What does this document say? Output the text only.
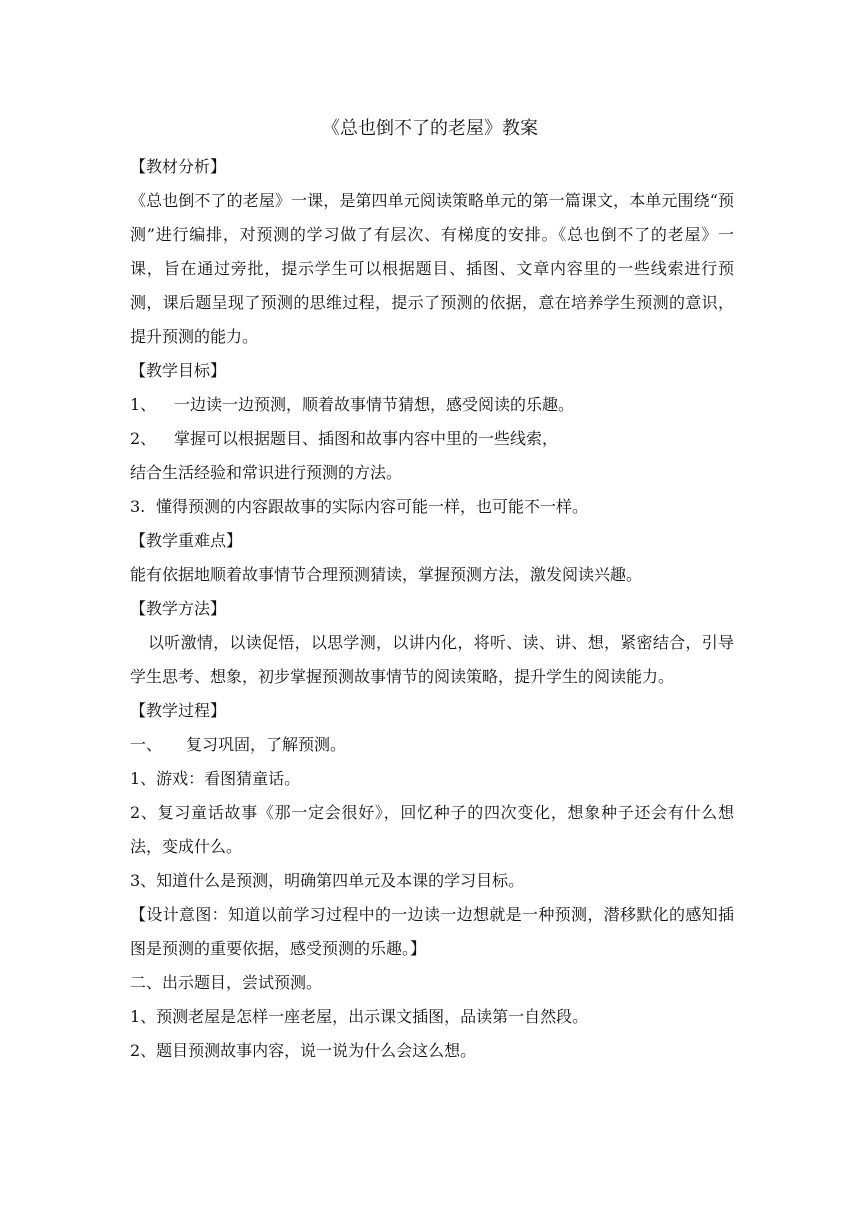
《总也倒不了的老屋》教案

【教材分析】

《总也倒不了的老屋》一课，是第四单元阅读策略单元的第一篇课文，本单元围绕“预测”进行编排，对预测的学习做了有层次、有梯度的安排。《总也倒不了的老屋》一课，旨在通过旁批，提示学生可以根据题目、插图、文章内容里的一些线索进行预测，课后题呈现了预测的思维过程，提示了预测的依据，意在培养学生预测的意识，提升预测的能力。

【教学目标】

1、 一边读一边预测，顺着故事情节猜想，感受阅读的乐趣。

2、 掌握可以根据题目、插图和故事内容中里的一些线索，

结合生活经验和常识进行预测的方法。

3. 懂得预测的内容跟故事的实际内容可能一样，也可能不一样。

【教学重难点】

能有依据地顺着故事情节合理预测猜读，掌握预测方法，激发阅读兴趣。

【教学方法】

以听激情，以读促悟，以思学测，以讲内化，将听、读、讲、想，紧密结合，引导学生思考、想象，初步掌握预测故事情节的阅读策略，提升学生的阅读能力。

【教学过程】

一、 复习巩固，了解预测。

1、游戏：看图猜童话。

2、复习童话故事《那一定会很好》，回忆种子的四次变化，想象种子还会有什么想法，变成什么。

3、知道什么是预测，明确第四单元及本课的学习目标。

【设计意图：知道以前学习过程中的一边读一边想就是一种预测，潜移默化的感知插图是预测的重要依据，感受预测的乐趣。】

二、出示题目，尝试预测。

1、预测老屋是怎样一座老屋，出示课文插图，品读第一自然段。

2、题目预测故事内容，说一说为什么会这么想。
